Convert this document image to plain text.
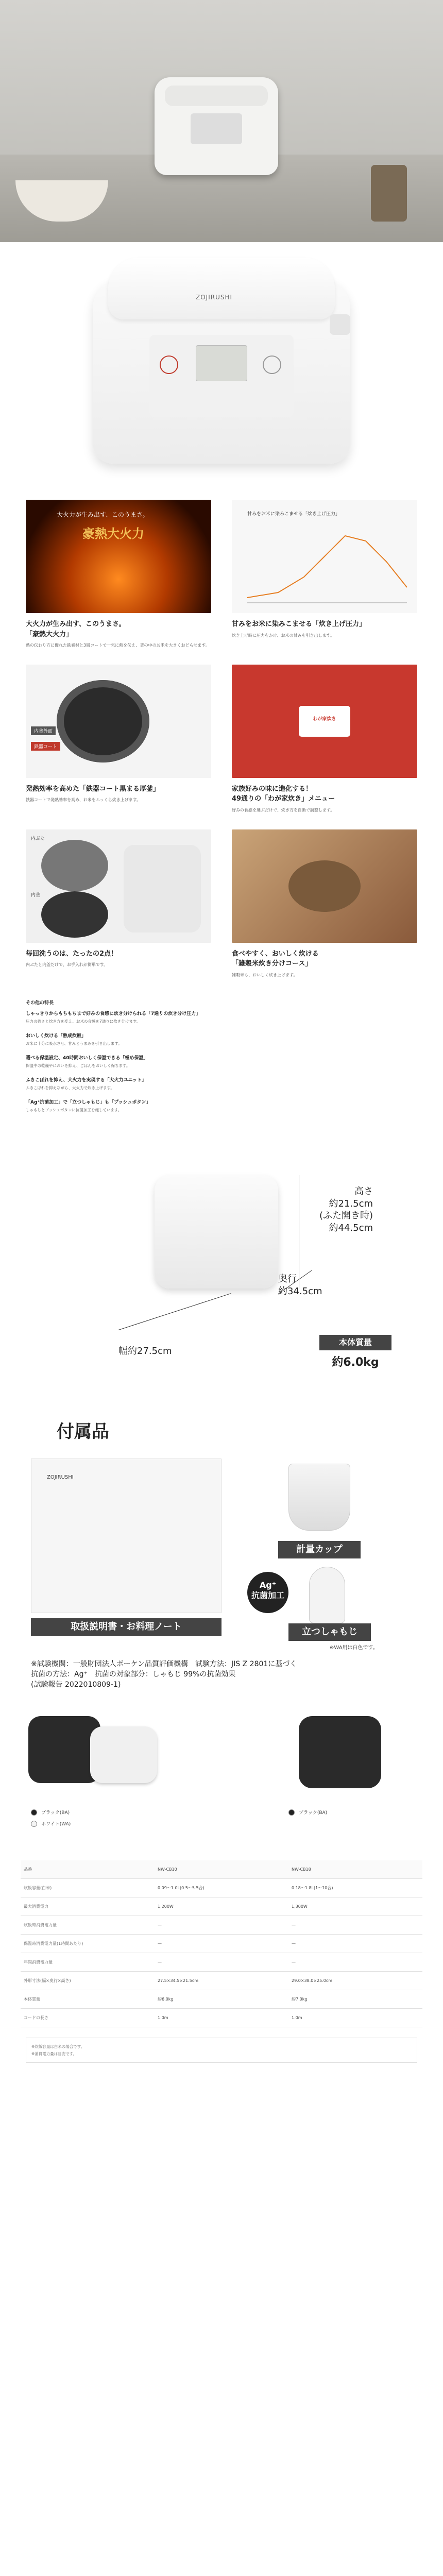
ZOJIRUSHI
大火力が生み出す、このうまさ。
豪熱大火力
大火力が生み出す、このうまさ。
「豪熱大火力」
熱の伝わり方に優れた鉄素材と3層コートで一気に熱を伝え、釜の中のお米を大きくおどらせます。
甘みをお米に染みこませる「炊き上げ圧力」
甘みをお米に染みこませる「炊き上げ圧力」
炊き上げ時に圧力をかけ、お米の甘みを引き出します。
鉄器コート
内釜外面
発熱効率を高めた「鉄器コート黒まる厚釜」
鉄器コートで発熱効率を高め、お米をふっくら炊き上げます。
わが家炊き
家族好みの味に進化する！
49通りの「わが家炊き」メニュー
好みの食感を選ぶだけで、炊き方を自動で調整します。
内ぶた
内釜
毎回洗うのは、たったの2点！
内ぶたと内釜だけで、お手入れが簡単です。
食べやすく、おいしく炊ける
「雑穀米炊き分けコース」
雑穀米も、おいしく炊き上げます。
その他の特長
しゃっきりからもちもちまで好みの食感に炊き分けられる「7通りの炊き分け圧力」
圧力の強さと炊き方を変え、お米の食感を7通りに炊き分けます。
おいしく炊ける「熟成炊飯」
お米に十分に吸水させ、甘みとうまみを引き出します。
選べる保温設定、40時間おいしく保温できる「極め保温」
保温中の乾燥やにおいを抑え、ごはんをおいしく保ちます。
ふきこぼれを抑え、大火力を実現する「大火力ユニット」
ふきこぼれを抑えながら、大火力で炊き上げます。
「Ag⁺抗菌加工」で「立つしゃもじ」も「プッシュボタン」
しゃもじとプッシュボタンに抗菌加工を施しています。
高さ
約21.5cm
(ふた開き時)
約44.5cm
奥行
約34.5cm
幅約27.5cm
本体質量
約6.0kg
付属品
ZOJIRUSHI
取扱説明書・お料理ノート
計量カップ
Ag⁺
抗菌加工
立つしゃもじ
※WA用は白色です。
※試験機関：一般財団法人ボーケン品質評価機構　試験方法：JIS Z 2801に基づく
抗菌の方法：Ag⁺　抗菌の対象部分：しゃもじ 99%の抗菌効果
(試験報告 2022010809-1)
ブラック(BA)
ホワイト(WA)
ブラック(BA)
品番	NW-CB10	NW-CB18
炊飯容量(白米)	0.09〜1.0L(0.5〜5.5合)	0.18〜1.8L(1〜10合)
最大消費電力	1,200W	1,300W
炊飯時消費電力量	—	—
保温時消費電力量(1時間あたり)	—	—
年間消費電力量	—	—
外形寸法(幅×奥行×高さ)	27.5×34.5×21.5cm	29.0×38.0×25.0cm
本体質量	約6.0kg	約7.0kg
コードの長さ	1.0m	1.0m
※炊飯容量は白米の場合です。
※消費電力量は目安です。
